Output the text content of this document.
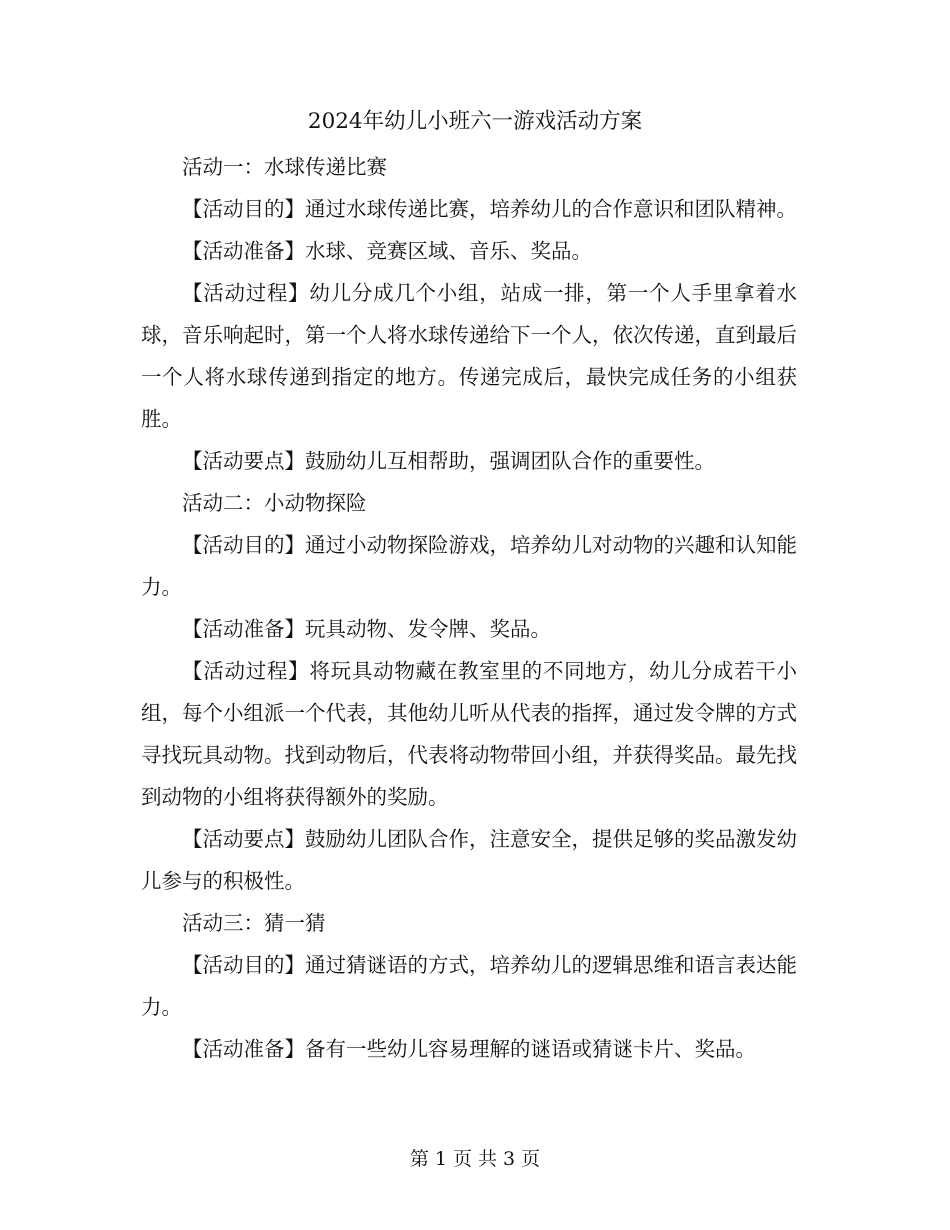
2024年幼儿小班六一游戏活动方案

活动一：水球传递比赛

【活动目的】通过水球传递比赛，培养幼儿的合作意识和团队精神。

【活动准备】水球、竞赛区域、音乐、奖品。

【活动过程】幼儿分成几个小组，站成一排，第一个人手里拿着水球，音乐响起时，第一个人将水球传递给下一个人，依次传递，直到最后一个人将水球传递到指定的地方。传递完成后，最快完成任务的小组获胜。

【活动要点】鼓励幼儿互相帮助，强调团队合作的重要性。

活动二：小动物探险

【活动目的】通过小动物探险游戏，培养幼儿对动物的兴趣和认知能力。

【活动准备】玩具动物、发令牌、奖品。

【活动过程】将玩具动物藏在教室里的不同地方，幼儿分成若干小组，每个小组派一个代表，其他幼儿听从代表的指挥，通过发令牌的方式寻找玩具动物。找到动物后，代表将动物带回小组，并获得奖品。最先找到动物的小组将获得额外的奖励。

【活动要点】鼓励幼儿团队合作，注意安全，提供足够的奖品激发幼儿参与的积极性。

活动三：猜一猜

【活动目的】通过猜谜语的方式，培养幼儿的逻辑思维和语言表达能力。

【活动准备】备有一些幼儿容易理解的谜语或猜谜卡片、奖品。

第 1 页 共 3 页
